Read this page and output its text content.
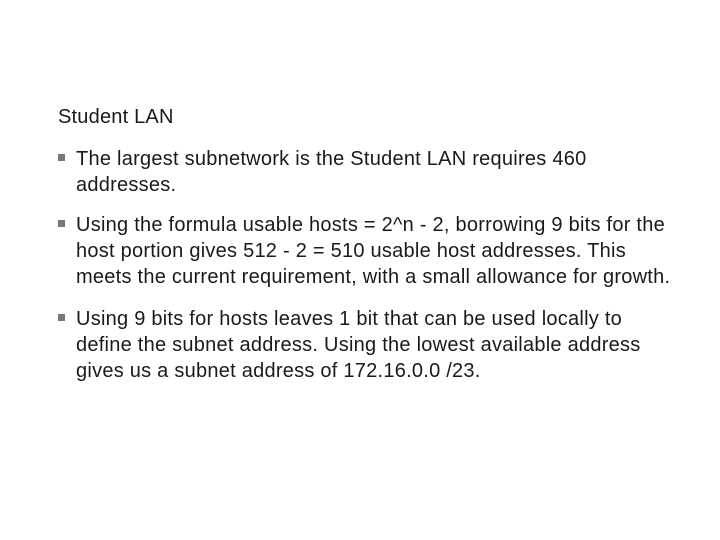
Student LAN
The largest subnetwork is the Student LAN requires 460 addresses.
Using the formula usable hosts = 2^n - 2, borrowing 9 bits for the host portion gives 512 - 2 = 510 usable host addresses. This meets the current requirement, with a small allowance for growth.
Using 9 bits for hosts leaves 1 bit that can be used locally to define the subnet address. Using the lowest available address gives us a subnet address of 172.16.0.0 /23.
